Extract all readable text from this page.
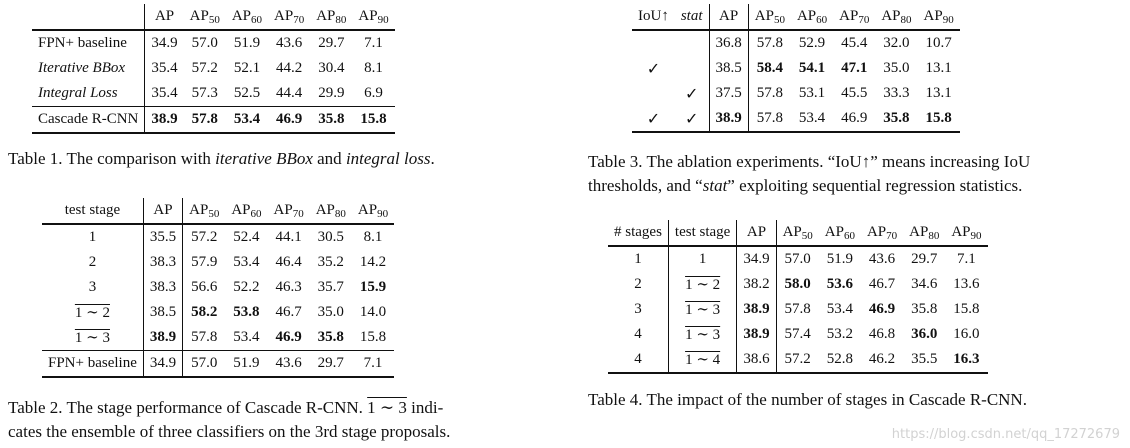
	AP	$AP_{50}$	$AP_{60}$	$AP_{70}$	$AP_{80}$	$AP_{90}$
FPN+ baseline	34.9	57.0	51.9	43.6	29.7	7.1
Iterative BBox	35.4	57.2	52.1	44.2	30.4	8.1
Integral Loss	35.4	57.3	52.5	44.4	29.9	6.9
Cascade R-CNN	38.9	57.8	53.4	46.9	35.8	15.8
Table 1. The comparison with iterative BBox and integral loss.
test stage	AP	$AP_{50}$	$AP_{60}$	$AP_{70}$	$AP_{80}$	$AP_{90}$
1	35.5	57.2	52.4	44.1	30.5	8.1
2	38.3	57.9	53.4	46.4	35.2	14.2
3	38.3	56.6	52.2	46.3	35.7	15.9
1 ∼ 2	38.5	58.2	53.8	46.7	35.0	14.0
1 ∼ 3	38.9	57.8	53.4	46.9	35.8	15.8
FPN+ baseline	34.9	57.0	51.9	43.6	29.7	7.1
Table 2. The stage performance of Cascade R-CNN. 1 ∼ 3 indi-
cates the ensemble of three classifiers on the 3rd stage proposals.
IoU↑	stat	AP	$AP_{50}$	$AP_{60}$	$AP_{70}$	$AP_{80}$	$AP_{90}$
		36.8	57.8	52.9	45.4	32.0	10.7
✓		38.5	58.4	54.1	47.1	35.0	13.1
	✓	37.5	57.8	53.1	45.5	33.3	13.1
✓	✓	38.9	57.8	53.4	46.9	35.8	15.8
Table 3. The ablation experiments. “IoU↑” means increasing IoU
thresholds, and “stat” exploiting sequential regression statistics.
# stages	test stage	AP	$AP_{50}$	$AP_{60}$	$AP_{70}$	$AP_{80}$	$AP_{90}$
1	1	34.9	57.0	51.9	43.6	29.7	7.1
2	1 ∼ 2	38.2	58.0	53.6	46.7	34.6	13.6
3	1 ∼ 3	38.9	57.8	53.4	46.9	35.8	15.8
4	1 ∼ 3	38.9	57.4	53.2	46.8	36.0	16.0
4	1 ∼ 4	38.6	57.2	52.8	46.2	35.5	16.3
Table 4. The impact of the number of stages in Cascade R-CNN.
https://blog.csdn.net/qq_17272679
